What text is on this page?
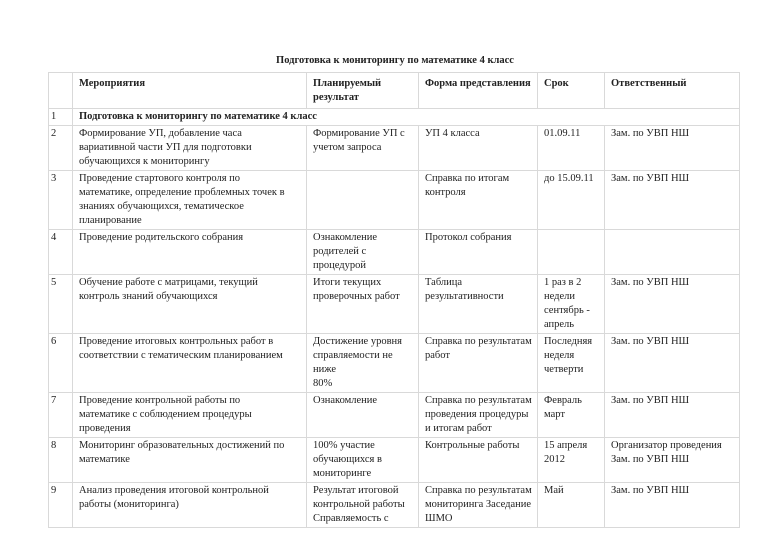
Подготовка к мониторингу по математике 4 класс
	Мероприятия	Планируемый
результат	Форма представления	Срок	Ответственный
1	Подготовка к мониторингу по математике 4 класс				
2	Формирование УП, добавление часа
вариативной части УП для подготовки
обучающихся к мониторингу	Формирование УП с
учетом запроса	УП 4 класса	01.09.11	Зам. по УВП НШ
3	Проведение стартового контроля по
математике, определение проблемных точек в
знаниях обучающихся, тематическое
планирование		Справка по итогам
контроля	до 15.09.11	Зам. по УВП НШ
4	Проведение родительского собрания	Ознакомление
родителей с
процедурой	Протокол собрания		
5	Обучение работе с матрицами, текущий
контроль знаний обучающихся	Итоги текущих
проверочных работ	Таблица
результативности	1 раз в 2
недели
сентябрь -
апрель	Зам. по УВП НШ
6	Проведение итоговых контрольных работ в
соответствии с тематическим планированием	Достижение уровня
справляемости не ниже
80%	Справка по результатам
работ	Последняя
неделя
четверти	Зам. по УВП НШ
7	Проведение контрольной работы по
математике с соблюдением процедуры
проведения	Ознакомление	Справка по результатам
проведения процедуры
и итогам работ	Февраль
март	Зам. по УВП НШ
8	Мониторинг образовательных достижений по
математике	100% участие
обучающихся в
мониторинге	Контрольные работы	15 апреля
2012	Организатор проведения
Зам. по УВП НШ
9	Анализ проведения итоговой контрольной
работы (мониторинга)	Результат итоговой
контрольной работы
Справляемость с	Справка по результатам
мониторинга Заседание
ШМО	Май	Зам. по УВП НШ
